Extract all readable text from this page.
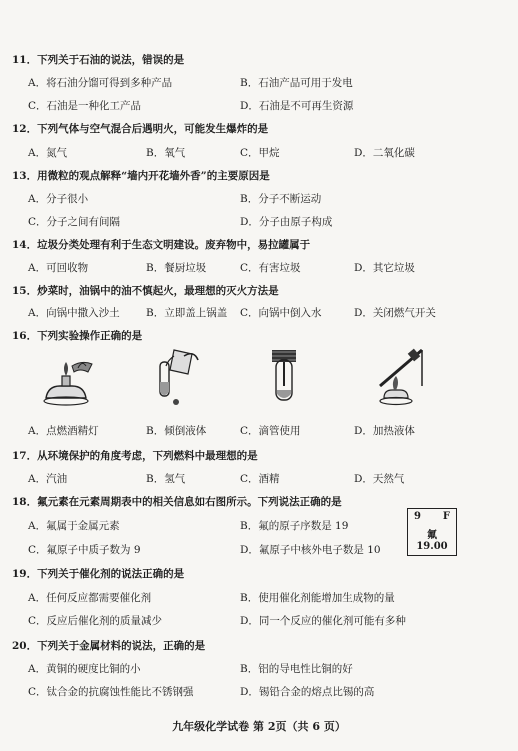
11．下列关于石油的说法，错误的是
A．将石油分馏可得到多种产品	B．石油产品可用于发电
C．石油是一种化工产品	D．石油是不可再生资源
12．下列气体与空气混合后遇明火，可能发生爆炸的是
A．氮气	B．氧气	C．甲烷	D．二氧化碳
13．用微粒的观点解释“墙内开花墙外香”的主要原因是
A．分子很小	B．分子不断运动
C．分子之间有间隔	D．分子由原子构成
14．垃圾分类处理有利于生态文明建设。废弃物中，易拉罐属于
A．可回收物	B．餐厨垃圾	C．有害垃圾	D．其它垃圾
15．炒菜时，油锅中的油不慎起火，最理想的灭火方法是
A．向锅中撒入沙土	B．立即盖上锅盖 C．向锅中倒入水	D．关闭燃气开关
16．下列实验操作正确的是
A．点燃酒精灯	B．倾倒液体	C．滴管使用	D．加热液体
17．从环境保护的角度考虑，下列燃料中最理想的是
A．汽油	B．氢气	C．酒精	D．天然气
18．氟元素在元素周期表中的相关信息如右图所示。下列说法正确的是
A．氟属于金属元素	B．氟的原子序数是 19
C．氟原子中质子数为 9	D．氟原子中核外电子数是 10
9 F
氟
19.00
19．下列关于催化剂的说法正确的是
A．任何反应都需要催化剂	B．使用催化剂能增加生成物的量
C．反应后催化剂的质量减少	D．同一个反应的催化剂可能有多种
20．下列关于金属材料的说法，正确的是
A．黄铜的硬度比铜的小	B．铝的导电性比铜的好
C．钛合金的抗腐蚀性能比不锈钢强	D．锡铅合金的熔点比锡的高
九年级化学试卷 第 2页（共 6 页）
